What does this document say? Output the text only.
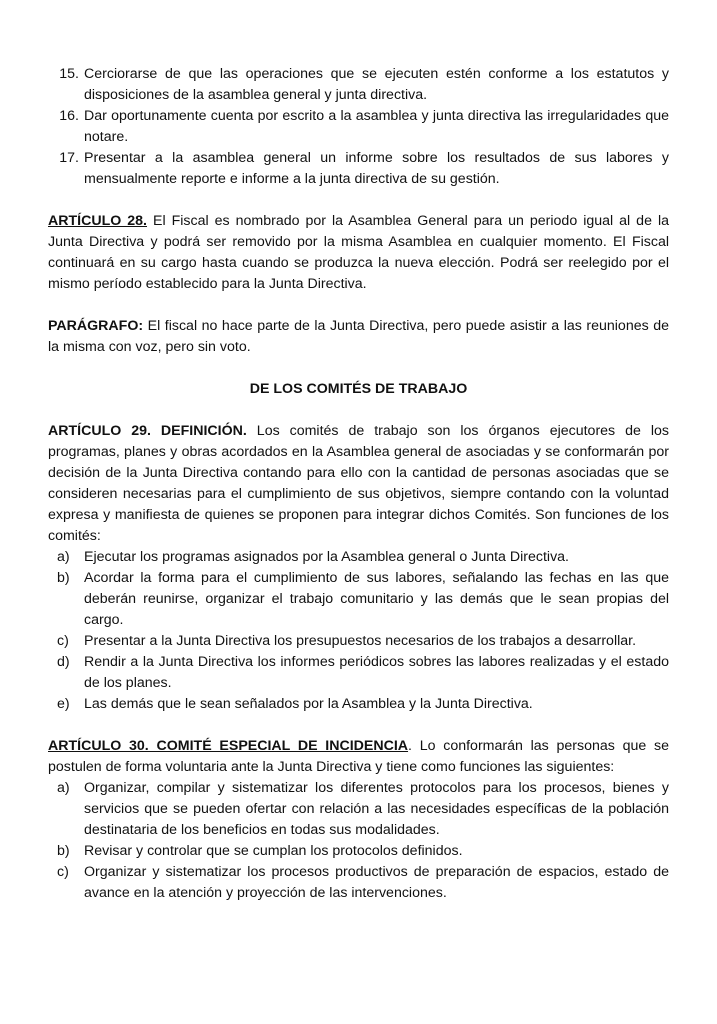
15. Cerciorarse de que las operaciones que se ejecuten estén conforme a los estatutos y disposiciones de la asamblea general y junta directiva.
16. Dar oportunamente cuenta por escrito a la asamblea y junta directiva las irregularidades que notare.
17. Presentar a la asamblea general un informe sobre los resultados de sus labores y mensualmente reporte e informe a la junta directiva de su gestión.

ARTÍCULO 28. El Fiscal es nombrado por la Asamblea General para un periodo igual al de la Junta Directiva y podrá ser removido por la misma Asamblea en cualquier momento. El Fiscal continuará en su cargo hasta cuando se produzca la nueva elección. Podrá ser reelegido por el mismo período establecido para la Junta Directiva.

PARÁGRAFO: El fiscal no hace parte de la Junta Directiva, pero puede asistir a las reuniones de la misma con voz, pero sin voto.

DE LOS COMITÉS DE TRABAJO

ARTÍCULO 29. DEFINICIÓN. Los comités de trabajo son los órganos ejecutores de los programas, planes y obras acordados en la Asamblea general de asociadas y se conformarán por decisión de la Junta Directiva contando para ello con la cantidad de personas asociadas que se consideren necesarias para el cumplimiento de sus objetivos, siempre contando con la voluntad expresa y manifiesta de quienes se proponen para integrar dichos Comités. Son funciones de los comités:

a)	Ejecutar los programas asignados por la Asamblea general o Junta Directiva.
b)	Acordar la forma para el cumplimiento de sus labores, señalando las fechas en las que deberán reunirse, organizar el trabajo comunitario y las demás que le sean propias del cargo.
c)	Presentar a la Junta Directiva los presupuestos necesarios de los trabajos a desarrollar.
d)	Rendir a la Junta Directiva los informes periódicos sobres las labores realizadas y el estado de los planes.
e)	Las demás que le sean señalados por la Asamblea y la Junta Directiva.

ARTÍCULO 30. COMITÉ ESPECIAL DE INCIDENCIA. Lo conformarán las personas que se postulen de forma voluntaria ante la Junta Directiva y tiene como funciones las siguientes:

a)	Organizar, compilar y sistematizar los diferentes protocolos para los procesos, bienes y servicios que se pueden ofertar con relación a las necesidades específicas de la población destinataria de los beneficios en todas sus modalidades.
b)	Revisar y controlar que se cumplan los protocolos definidos.
c)	Organizar y sistematizar los procesos productivos de preparación de espacios, estado de avance en la atención y proyección de las intervenciones.
